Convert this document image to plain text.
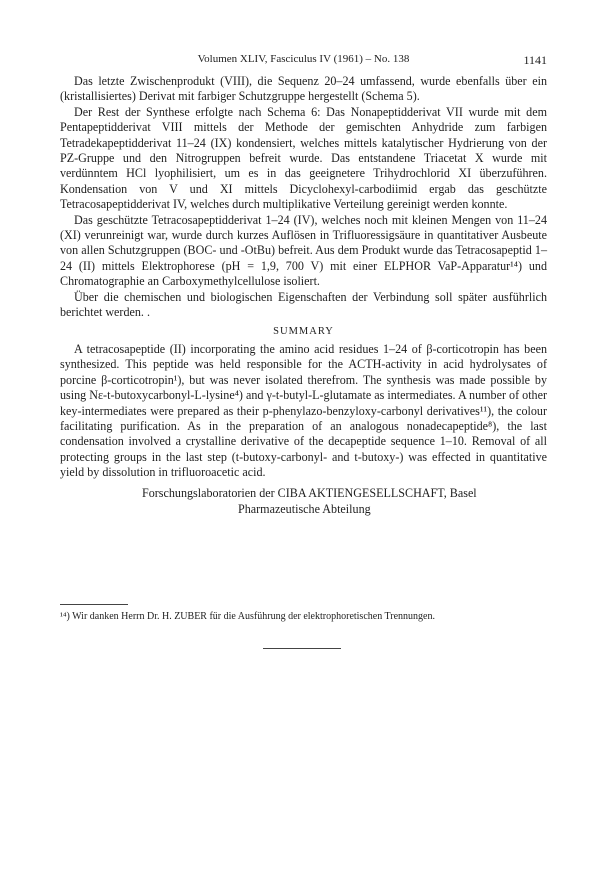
Volumen XLIV, Fasciculus IV (1961) – No. 138	1141

Das letzte Zwischenprodukt (VIII), die Sequenz 20–24 umfassend, wurde ebenfalls über ein (kristallisiertes) Derivat mit farbiger Schutzgruppe hergestellt (Schema 5).

Der Rest der Synthese erfolgte nach Schema 6: Das Nonapeptidderivat VII wurde mit dem Pentapeptidderivat VIII mittels der Methode der gemischten Anhydride zum farbigen Tetradekapeptidderivat 11–24 (IX) kondensiert, welches mittels katalytischer Hydrierung von der PZ-Gruppe und den Nitrogruppen befreit wurde. Das entstandene Triacetat X wurde mit verdünntem HCl lyophilisiert, um es in das geeignetere Trihydrochlorid XI überzuführen. Kondensation von V und XI mittels Dicyclohexyl-carbodiimid ergab das geschützte Tetracosapeptidderivat IV, welches durch multiplikative Verteilung gereinigt werden konnte.

Das geschützte Tetracosapeptidderivat 1–24 (IV), welches noch mit kleinen Mengen von 11–24 (XI) verunreinigt war, wurde durch kurzes Auflösen in Trifluoressigsäure in quantitativer Ausbeute von allen Schutzgruppen (BOC- und -OtBu) befreit. Aus dem Produkt wurde das Tetracosapeptid 1–24 (II) mittels Elektrophorese (pH = 1,9, 700 V) mit einer ELPHOR VaP-Apparatur¹⁴) und Chromatographie an Carboxymethylcellulose isoliert.

Über die chemischen und biologischen Eigenschaften der Verbindung soll später ausführlich berichtet werden. .

SUMMARY

A tetracosapeptide (II) incorporating the amino acid residues 1–24 of β-corticotropin has been synthesized. This peptide was held responsible for the ACTH-activity in acid hydrolysates of porcine β-corticotropin¹), but was never isolated therefrom. The synthesis was made possible by using Nε-t-butoxycarbonyl-L-lysine⁴) and γ-t-butyl-L-glutamate as intermediates. A number of other key-intermediates were prepared as their p-phenylazo-benzyloxy-carbonyl derivatives¹¹), the colour facilitating purification. As in the preparation of an analogous nonadecapeptide⁸), the last condensation involved a crystalline derivative of the decapeptide sequence 1–10. Removal of all protecting groups in the last step (t-butoxy-carbonyl- and t-butoxy-) was effected in quantitative yield by dissolution in trifluoroacetic acid.

Forschungslaboratorien der CIBA AKTIENGESELLSCHAFT, Basel
Pharmazeutische Abteilung
¹⁴) Wir danken Herrn Dr. H. ZUBER für die Ausführung der elektrophoretischen Trennungen.
